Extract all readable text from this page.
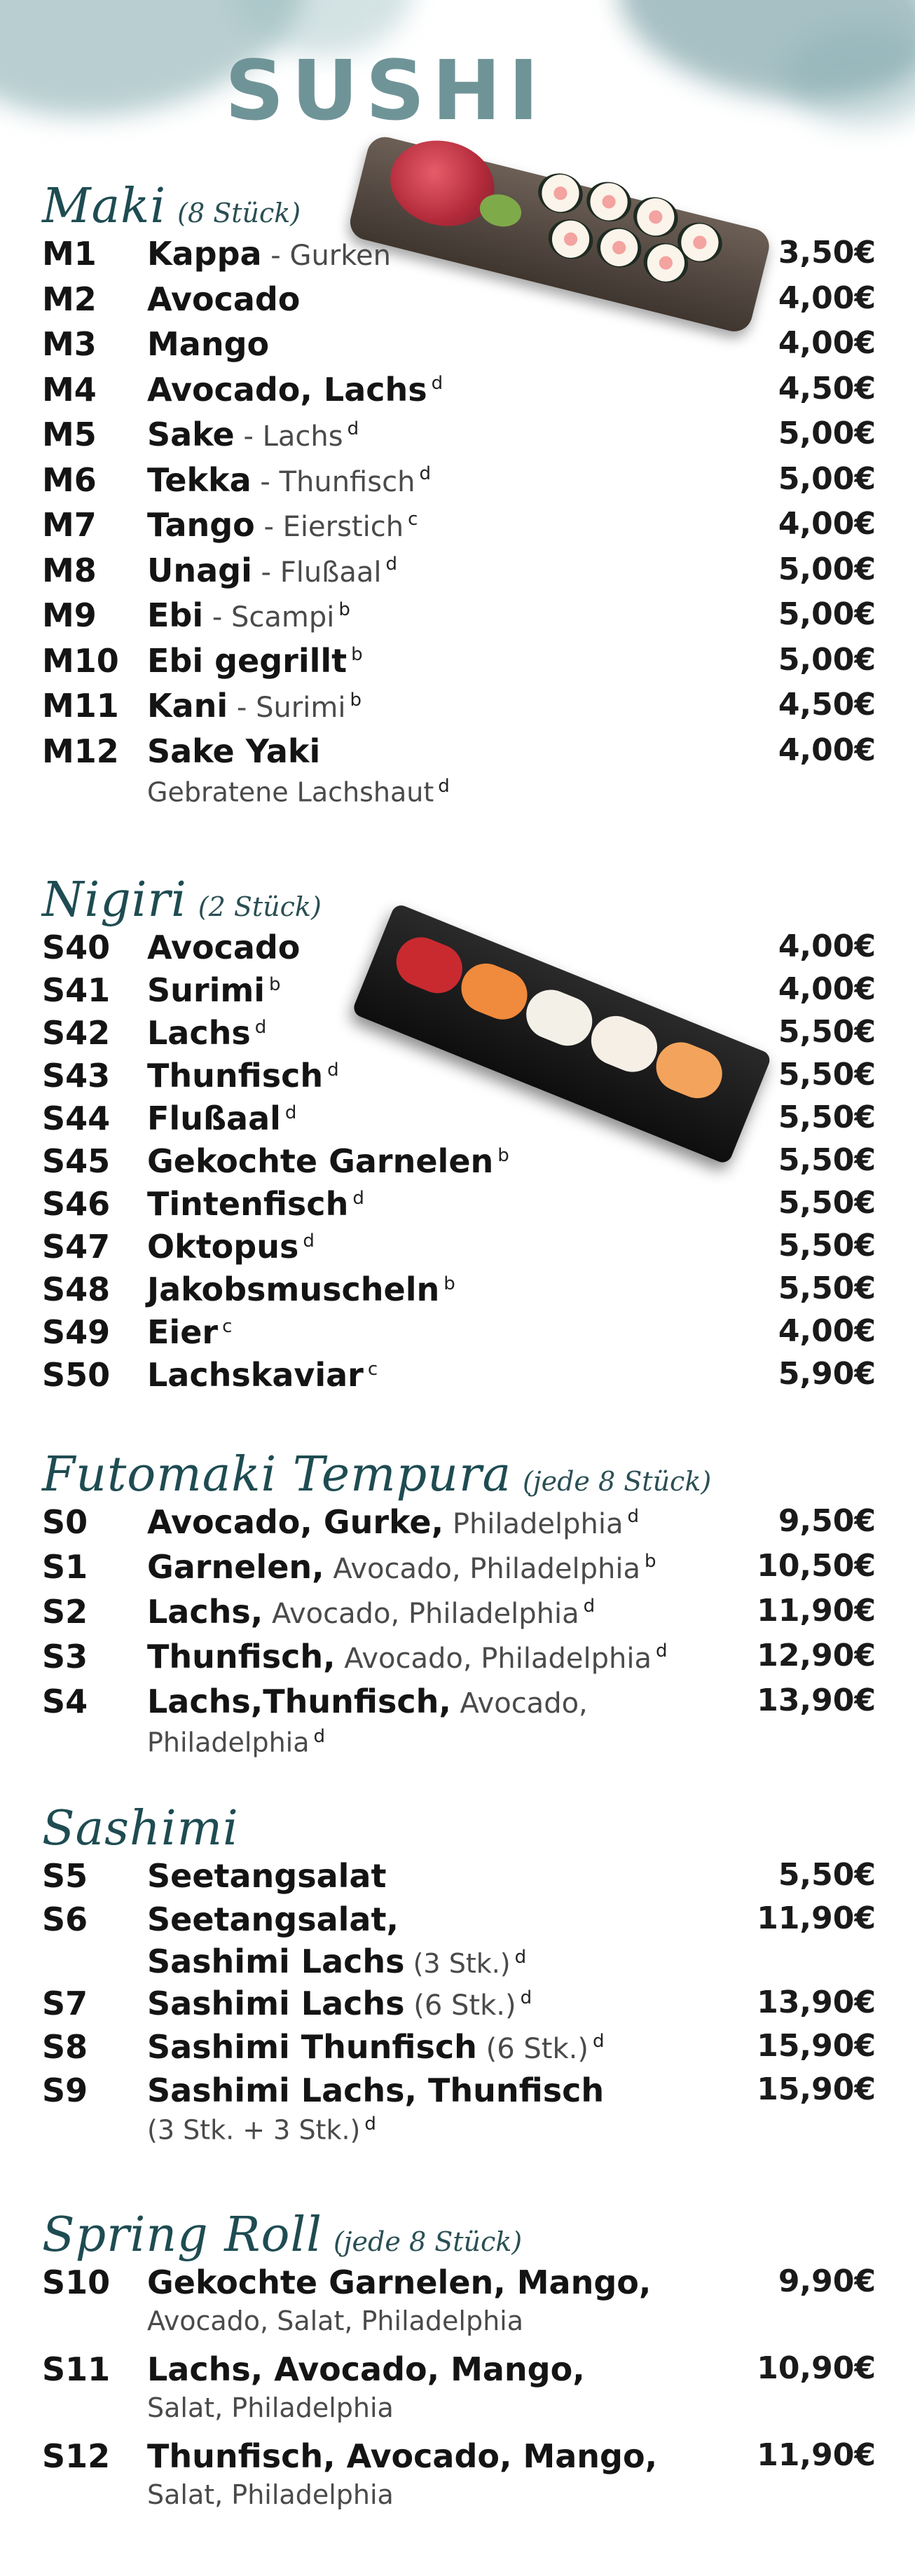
SUSHI
Maki (8 Stück)
M1 Kappa - Gurken	3,50€
M2 Avocado	4,00€
M3 Mango	4,00€
M4 Avocado, Lachs $^d$	4,50€
M5 Sake - Lachs $^d$	5,00€
M6 Tekka - Thunfisch $^d$	5,00€
M7 Tango - Eierstich $^c$	4,00€
M8 Unagi - Flußaal $^d$	5,00€
M9 Ebi - Scampi $^b$	5,00€
M10 Ebi gegrillt $^b$	5,00€
M11 Kani - Surimi $^b$	4,50€
M12 Sake Yaki	4,00€
Gebratene Lachshaut $^d$
Nigiri (2 Stück)
S40 Avocado	4,00€
S41 Surimi $^b$	4,00€
S42 Lachs $^d$	5,50€
S43 Thunfisch $^d$	5,50€
S44 Flußaal $^d$	5,50€
S45 Gekochte Garnelen $^b$	5,50€
S46 Tintenfisch $^d$	5,50€
S47 Oktopus $^d$	5,50€
S48 Jakobsmuscheln $^b$	5,50€
S49 Eier $^c$	4,00€
S50 Lachskaviar $^c$	5,90€
Futomaki Tempura (jede 8 Stück)
S0 Avocado, Gurke, Philadelphia $^d$	9,50€
S1 Garnelen, Avocado, Philadelphia $^b$	10,50€
S2 Lachs, Avocado, Philadelphia $^d$	11,90€
S3 Thunfisch, Avocado, Philadelphia $^d$	12,90€
S4 Lachs,Thunfisch, Avocado,	13,90€
Philadelphia $^d$
Sashimi
S5 Seetangsalat	5,50€
S6 Seetangsalat,	11,90€
Sashimi Lachs (3 Stk.) $^d$
S7 Sashimi Lachs (6 Stk.) $^d$	13,90€
S8 Sashimi Thunfisch (6 Stk.) $^d$	15,90€
S9 Sashimi Lachs, Thunfisch	15,90€
(3 Stk. + 3 Stk.) $^d$
Spring Roll (jede 8 Stück)
S10 Gekochte Garnelen, Mango,	9,90€
Avocado, Salat, Philadelphia
S11 Lachs, Avocado, Mango,	10,90€
Salat, Philadelphia
S12 Thunfisch, Avocado, Mango,	11,90€
Salat, Philadelphia
